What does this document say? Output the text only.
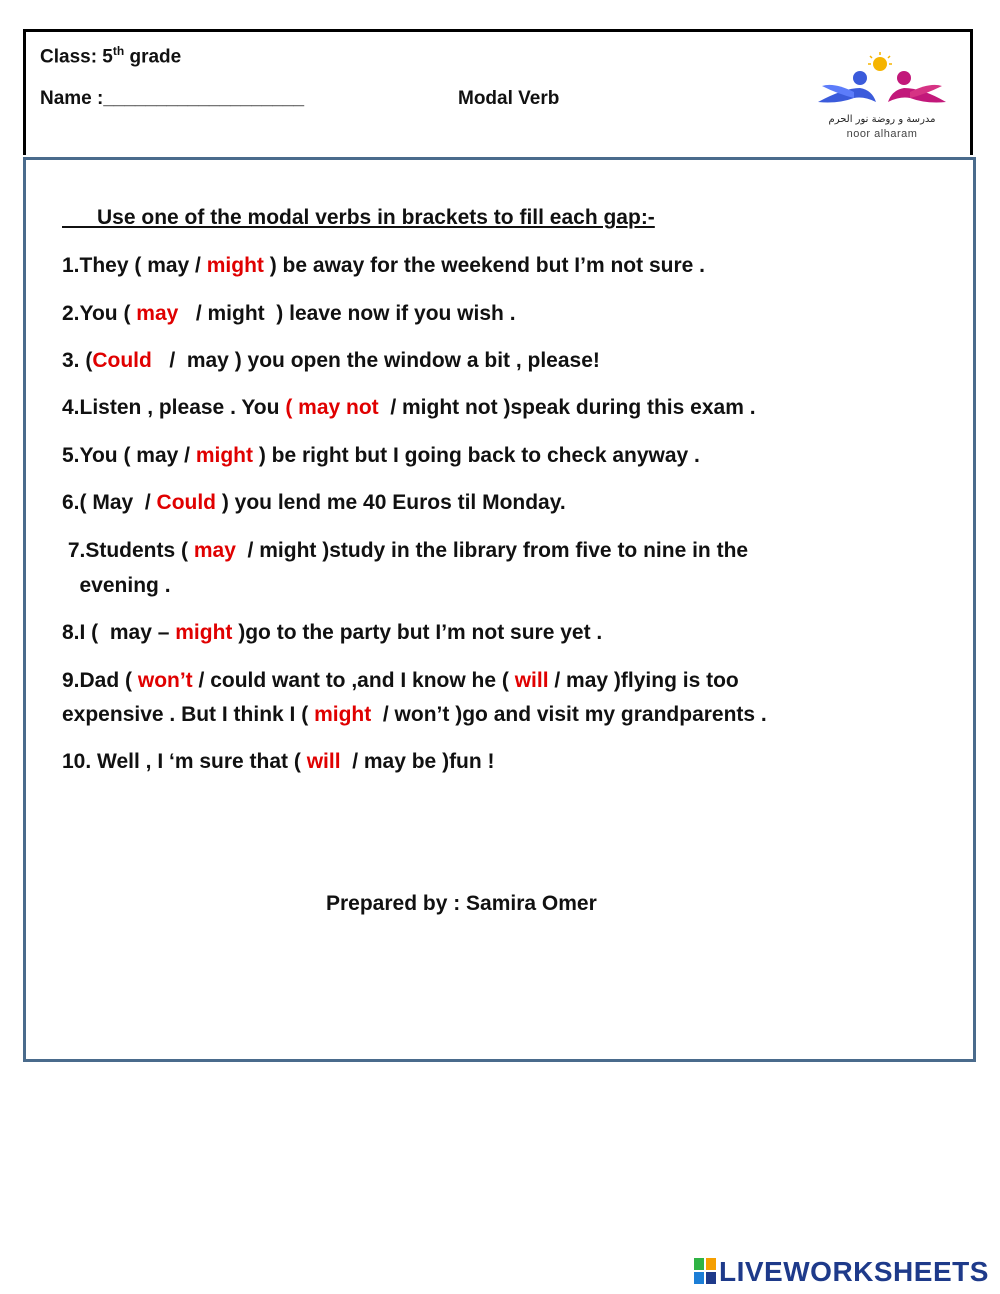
Class: 5th grade
Name :___________________	Modal Verb
مدرسة و روضة نور الحرم
noor alharam
Use one of the modal verbs in brackets to fill each gap:-
1.They ( may / might ) be away for the weekend but I’m not sure .
2.You ( may   / might  ) leave now if you wish .
3. (Could   /  may ) you open the window a bit , please!
4.Listen , please . You ( may not  / might not )speak during this exam .
5.You ( may / might ) be right but I going back to check anyway .
6.( May  / Could ) you lend me 40 Euros til Monday.
7.Students ( may  / might )study in the library from five to nine in the
evening .
8.I (  may – might )go to the party but I’m not sure yet .
9.Dad ( won’t / could want to ,and I know he ( will / may )flying is too
expensive . But I think I ( might  / won’t )go and visit my grandparents .
10. Well , I ‘m sure that ( will  / may be )fun !
Prepared by : Samira Omer
LIVEWORKSHEETS
